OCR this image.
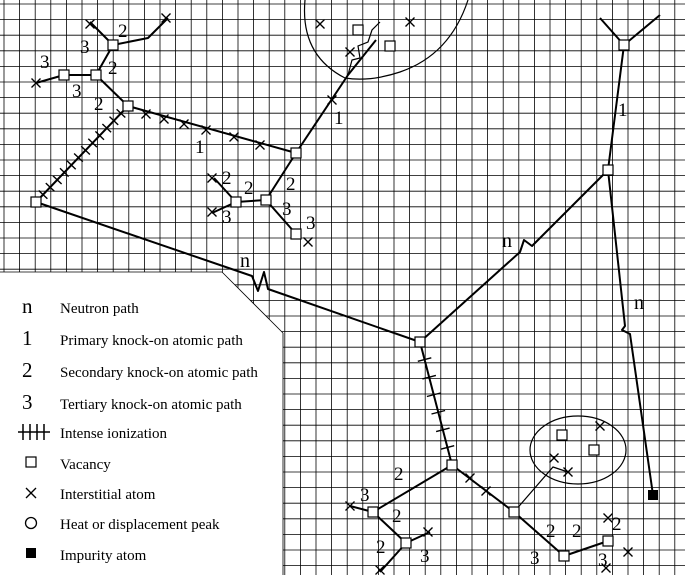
2
3
2
3
3
2
1
1
2 2
3
2
3
3
1
n
n
n
2
3
2
2 3
2 2
3
2
3
n
1
2
3
Neutron path
Primary knock-on atomic path
Secondary knock-on atomic path
Tertiary knock-on atomic path
Intense ionization
Vacancy
Interstitial atom
Heat or displacement peak
Impurity atom
